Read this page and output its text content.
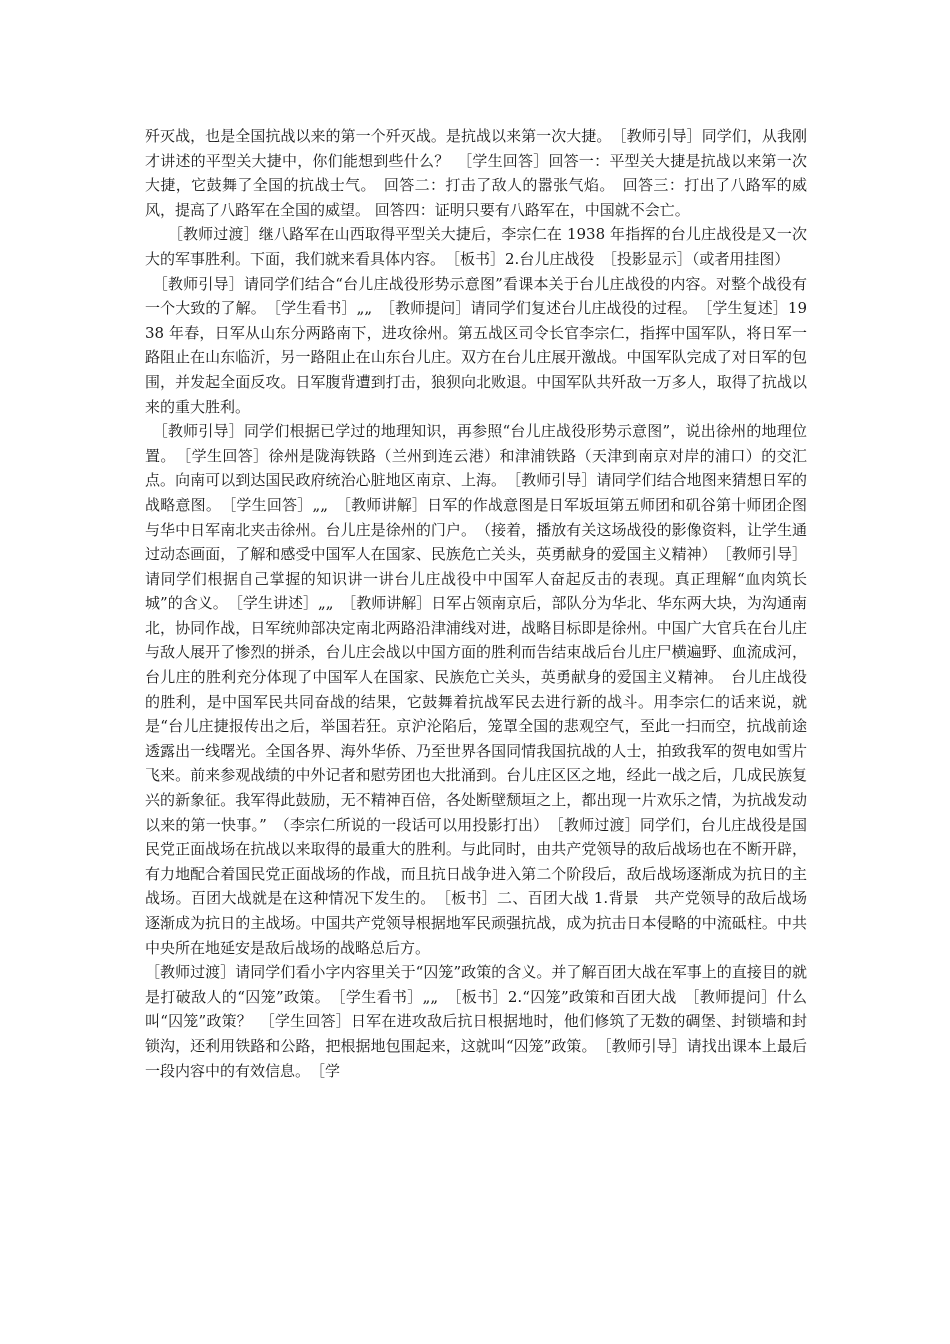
歼灭战，也是全国抗战以来的第一个歼灭战。是抗战以来第一次大捷。　［教师引导］同学们，从我刚才讲述的平型关大捷中，你们能想到些什么？　［学生回答］回答一：平型关大捷是抗战以来第一次大捷，它鼓舞了全国的抗战士气。　回答二：打击了敌人的嚣张气焰。　回答三：打出了八路军的威风，提高了八路军在全国的威望。 回答四：证明只要有八路军在，中国就不会亡。

　　［教师过渡］继八路军在山西取得平型关大捷后，李宗仁在 1938 年指挥的台儿庄战役是又一次大的军事胜利。下面，我们就来看具体内容。　［板书］2.台儿庄战役　［投影显示］（或者用挂图）

　［教师引导］请同学们结合“台儿庄战役形势示意图”看课本关于台儿庄战役的内容。对整个战役有一个大致的了解。　［学生看书］„„　［教师提问］请同学们复述台儿庄战役的过程。　［学生复述］1938 年春，日军从山东分两路南下，进攻徐州。第五战区司令长官李宗仁，指挥中国军队，将日军一路阻止在山东临沂，另一路阻止在山东台儿庄。双方在台儿庄展开激战。中国军队完成了对日军的包围，并发起全面反攻。日军腹背遭到打击，狼狈向北败退。中国军队共歼敌一万多人，取得了抗战以来的重大胜利。

　［教师引导］同学们根据已学过的地理知识，再参照“台儿庄战役形势示意图”，说出徐州的地理位置。　［学生回答］徐州是陇海铁路（兰州到连云港）和津浦铁路（天津到南京对岸的浦口）的交汇点。向南可以到达国民政府统治心脏地区南京、上海。　［教师引导］请同学们结合地图来猜想日军的战略意图。　［学生回答］„„　［教师讲解］日军的作战意图是日军坂垣第五师团和矶谷第十师团企图与华中日军南北夹击徐州。台儿庄是徐州的门户。　（接着，播放有关这场战役的影像资料，让学生通过动态画面，了解和感受中国军人在国家、民族危亡关头，英勇献身的爱国主义精神）　［教师引导］请同学们根据自己掌握的知识讲一讲台儿庄战役中中国军人奋起反击的表现。真正理解“血肉筑长城”的含义。　［学生讲述］„„　［教师讲解］日军占领南京后，部队分为华北、华东两大块，为沟通南北，协同作战，日军统帅部决定南北两路沿津浦线对进，战略目标即是徐州。中国广大官兵在台儿庄与敌人展开了惨烈的拼杀，台儿庄会战以中国方面的胜利而告结束战后台儿庄尸横遍野、血流成河，台儿庄的胜利充分体现了中国军人在国家、民族危亡关头，英勇献身的爱国主义精神。　台儿庄战役的胜利，是中国军民共同奋战的结果，它鼓舞着抗战军民去进行新的战斗。用李宗仁的话来说，就是“台儿庄捷报传出之后，举国若狂。京沪沦陷后，笼罩全国的悲观空气，至此一扫而空，抗战前途透露出一线曙光。全国各界、海外华侨、乃至世界各国同情我国抗战的人士，拍致我军的贺电如雪片飞来。前来参观战绩的中外记者和慰劳团也大批涌到。台儿庄区区之地，经此一战之后，几成民族复兴的新象征。我军得此鼓励，无不精神百倍，各处断壁颓垣之上，都出现一片欢乐之情，为抗战发动以来的第一快事。”　（李宗仁所说的一段话可以用投影打出）　［教师过渡］同学们，台儿庄战役是国民党正面战场在抗战以来取得的最重大的胜利。与此同时，由共产党领导的敌后战场也在不断开辟，有力地配合着国民党正面战场的作战，而且抗日战争进入第二个阶段后，敌后战场逐渐成为抗日的主战场。百团大战就是在这种情况下发生的。　［板书］二、百团大战 1.背景　共产党领导的敌后战场逐渐成为抗日的主战场。中国共产党领导根据地军民顽强抗战，成为抗击日本侵略的中流砥柱。中共中央所在地延安是敌后战场的战略总后方。

［教师过渡］请同学们看小字内容里关于“囚笼”政策的含义。并了解百团大战在军事上的直接目的就是打破敌人的“囚笼”政策。　［学生看书］„„　［板书］2.“囚笼”政策和百团大战　［教师提问］什么叫“囚笼”政策？　［学生回答］日军在进攻敌后抗日根据地时，他们修筑了无数的碉堡、封锁墙和封锁沟，还利用铁路和公路，把根据地包围起来，这就叫“囚笼”政策。　［教师引导］请找出课本上最后一段内容中的有效信息。　［学
